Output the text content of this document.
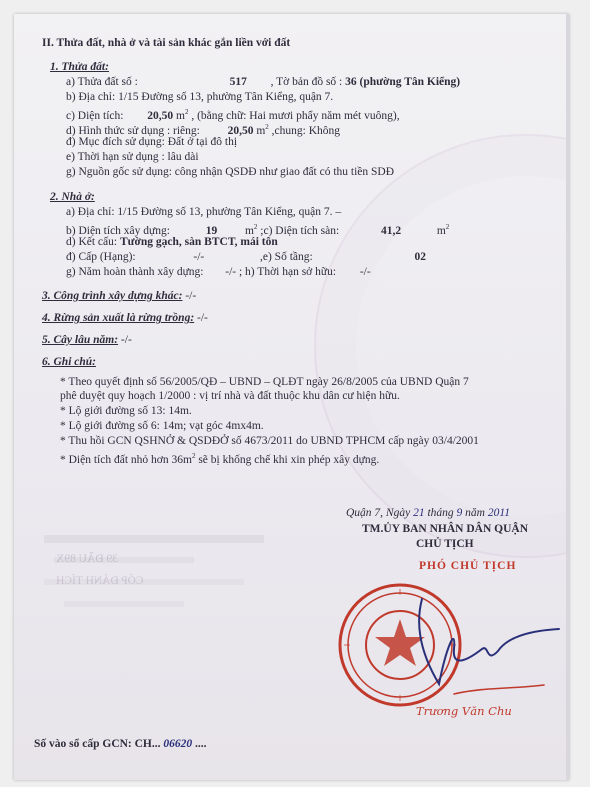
II. Thửa đất, nhà ở và tài sản khác gắn liền với đất
1. Thửa đất:
a) Thửa đất số :	517 , Tờ bản đồ số : 36 (phường Tân Kiểng)
b) Địa chỉ: 1/15 Đường số 13, phường Tân Kiểng, quận 7.
c) Diện tích: 20,50 $m^2$ , (bằng chữ: Hai mươi phẩy năm mét vuông),
d) Hình thức sử dụng : riêng: 20,50 $m^2$ ,chung: Không
đ) Mục đích sử dụng: Đất ở tại đô thị
e) Thời hạn sử dụng : lâu dài
g) Nguồn gốc sử dụng: công nhận QSDĐ như giao đất có thu tiền SDĐ
2. Nhà ở:
a) Địa chỉ: 1/15 Đường số 13, phường Tân Kiểng, quận 7. –
b) Diện tích xây dựng:	19 $m^2$ ;c) Diện tích sàn:	41,2	$m^2$
d) Kết cấu: Tường gạch, sàn BTCT, mái tôn
đ) Cấp (Hạng):	-/-	,e) Số tầng:	02
g) Năm hoàn thành xây dựng: -/- ; h) Thời hạn sở hữu: -/-
3. Công trình xây dựng khác: -/-
4. Rừng sản xuất là rừng trồng: -/-
5. Cây lâu năm: -/-
6. Ghi chú:
* Theo quyết định số 56/2005/QĐ – UBND – QLĐT ngày 26/8/2005 của UBND Quận 7
phê duyệt quy hoạch 1/2000 : vị trí nhà và đất thuộc khu dân cư hiện hữu.
* Lộ giới đường số 13: 14m.
* Lộ giới đường số 6: 14m; vạt góc 4mx4m.
* Thu hồi GCN QSHNỞ & QSDĐỞ số 4673/2011 do UBND TPHCM cấp ngày 03/4/2001
* Diện tích đất nhỏ hơn $36m^2$ sẽ bị khống chế khi xin phép xây dựng.
Quận 7, Ngày 21 tháng 9 năm 2011
TM.ỦY BAN NHÂN DÂN QUẬN
CHỦ TỊCH
PHÓ CHỦ TỊCH
39 ĐẦU 89X
CÓP ĐÁNH TÍCH
Trương Văn Chu
Số vào sổ cấp GCN: CH... 06620 ....
